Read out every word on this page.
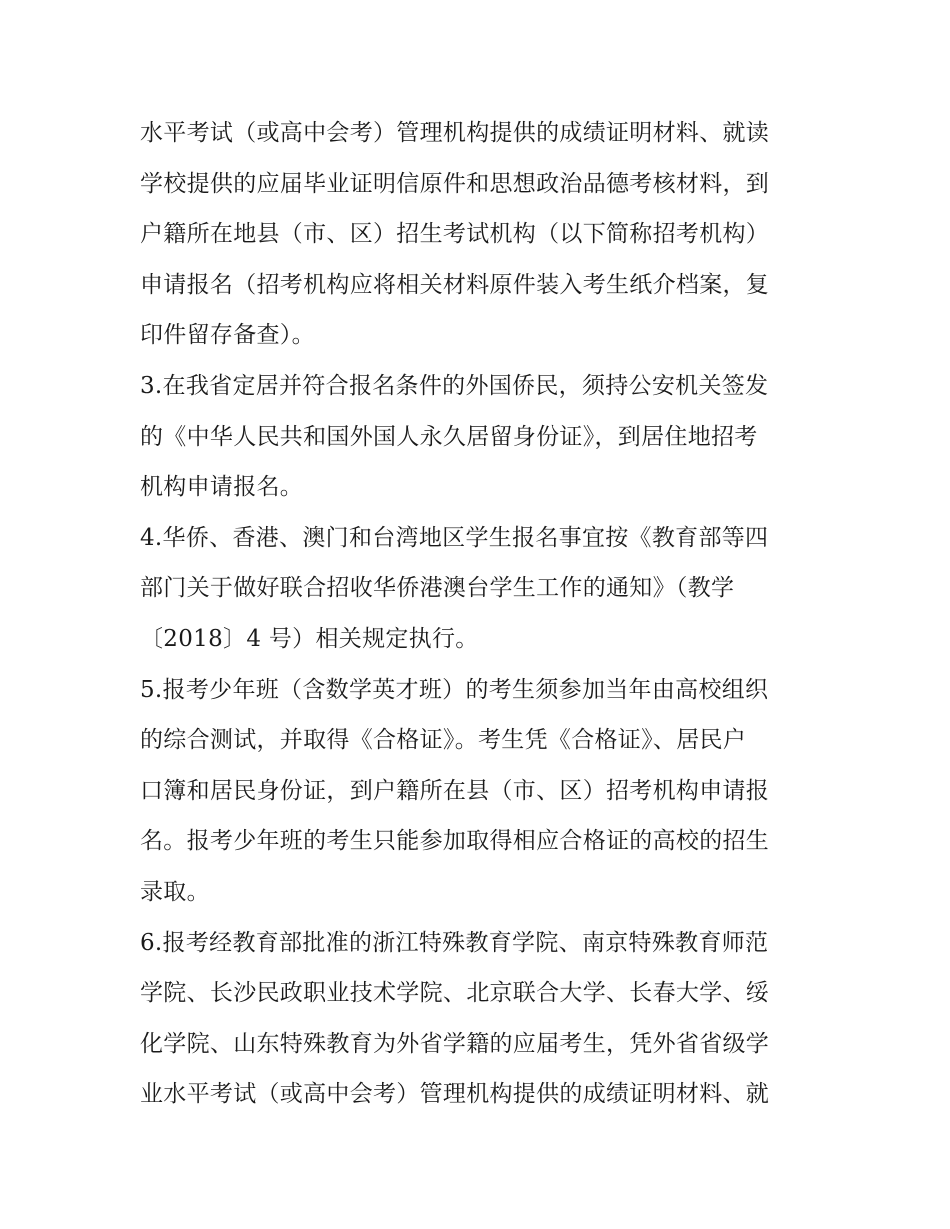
水平考试（或高中会考）管理机构提供的成绩证明材料、就读
学校提供的应届毕业证明信原件和思想政治品德考核材料，到
户籍所在地县（市、区）招生考试机构（以下简称招考机构）
申请报名（招考机构应将相关材料原件装入考生纸介档案，复
印件留存备查）。
3.在我省定居并符合报名条件的外国侨民，须持公安机关签发
的《中华人民共和国外国人永久居留身份证》，到居住地招考
机构申请报名。
4.华侨、香港、澳门和台湾地区学生报名事宜按《教育部等四
部门关于做好联合招收华侨港澳台学生工作的通知》（教学
〔2018〕4 号）相关规定执行。
5.报考少年班（含数学英才班）的考生须参加当年由高校组织
的综合测试，并取得《合格证》。考生凭《合格证》、居民户
口簿和居民身份证，到户籍所在县（市、区）招考机构申请报
名。报考少年班的考生只能参加取得相应合格证的高校的招生
录取。
6.报考经教育部批准的浙江特殊教育学院、南京特殊教育师范
学院、长沙民政职业技术学院、北京联合大学、长春大学、绥
化学院、山东特殊教育为外省学籍的应届考生，凭外省省级学
业水平考试（或高中会考）管理机构提供的成绩证明材料、就
